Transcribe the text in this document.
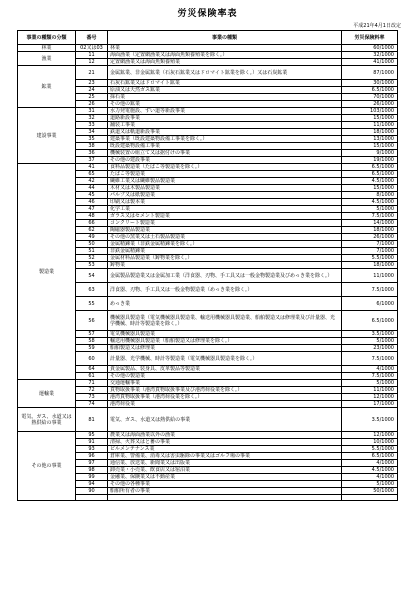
労災保険率表
平成21年4月1日改定
事業の種類の分類	番号	事業の種類	労災保険料率
林業	02又は03	林業	60/1000
漁業	11	海面漁業（定置網漁業又は海面魚類養殖業を除く。）	32/1000
	12	定置網漁業又は海面魚類養殖業	41/1000
鉱業	21	金属鉱業、非金属鉱業（石灰石鉱業又はドロマイト鉱業を除く。）又は石炭鉱業	87/1000
	23	石灰石鉱業又はドロマイト鉱業	30/1000
	24	原油又は天然ガス鉱業	6.5/1000
	25	採石業	70/1000
	26	その他の鉱業	26/1000
建設事業	31	水力発電施設、ずい道等新設事業	103/1000
	32	道路新設事業	15/1000
	33	舗装工事業	11/1000
	34	鉄道又は軌道新設事業	18/1000
	35	建築事業（既設建築物設備工事業を除く。）	13/1000
	38	既設建築物設備工事業	15/1000
	36	機械装置の組立て又は据付けの事業	9/1000
	37	その他の建設事業	19/1000
製造業	41	食料品製造業（たばこ等製造業を除く。）	6.5/1000
	65	たばこ等製造業	6.5/1000
	42	繊維工業又は繊維製品製造業	4.5/1000
	44	木材又は木製品製造業	15/1000
	45	パルプ又は紙製造業	8/1000
	46	印刷又は製本業	4.5/1000
	47	化学工業	5/1000
	48	ガラス又はセメント製造業	7.5/1000
	66	コンクリート製造業	14/1000
	62	陶磁器製品製造業	18/1000
	49	その他の窯業又は土石製品製造業	26/1000
	50	金属精錬業（非鉄金属精錬業を除く。）	7/1000
	51	非鉄金属精錬業	7/1000
	52	金属材料品製造業（鋳物業を除く。）	5.5/1000
	53	鋳物業	18/1000
	54	金属製品製造業又は金属加工業（洋食器、刃物、手工具又は一般金物製造業及びめっき業を除く。）	11/1000
	63	洋食器、刃物、手工具又は一般金物製造業（めっき業を除く。）	7.5/1000
	55	めっき業	6/1000
	56	機械器具製造業（電気機械器具製造業、輸送用機械器具製造業、船舶製造又は修理業及び計量器、光学機械、時計等製造業を除く。）	6.5/1000
	57	電気機械器具製造業	3.5/1000
	58	輸送用機械器具製造業（船舶製造又は修理業を除く。）	5/1000
	59	船舶製造又は修理業	23/1000
	60	計量器、光学機械、時計等製造業（電気機械器具製造業を除く。）	7.5/1000
	64	貴金属製品、装身具、皮革製品等製造業	4/1000
	61	その他の製造業	7.5/1000
運輸業	71	交通運輸事業	5/1000
	72	貨物取扱事業（港湾貨物取扱事業及び港湾荷役業を除く。）	11/1000
	73	港湾貨物取扱事業（港湾荷役業を除く。）	12/1000
	74	港湾荷役業	17/1000
電気、ガス、水道又は熱供給の事業	81	電気、ガス、水道又は熱供給の事業	3.5/1000
その他の事業	95	農業又は海面漁業以外の漁業	12/1000
	91	清掃、火葬又はと畜の事業	10/1000
	93	ビルメンテナンス業	5.5/1000
	96	倉庫業、警備業、消毒又は害虫駆除の事業又はゴルフ場の事業	6.5/1000
	97	通信業、放送業、新聞業又は出版業	4/1000
	98	卸売業・小売業、飲食店又は宿泊業	4.5/1000
	99	金融業、保険業又は不動産業	4/1000
	94	その他の各種事業	5/1000
	90	船舶所有者の事業	50/1000
